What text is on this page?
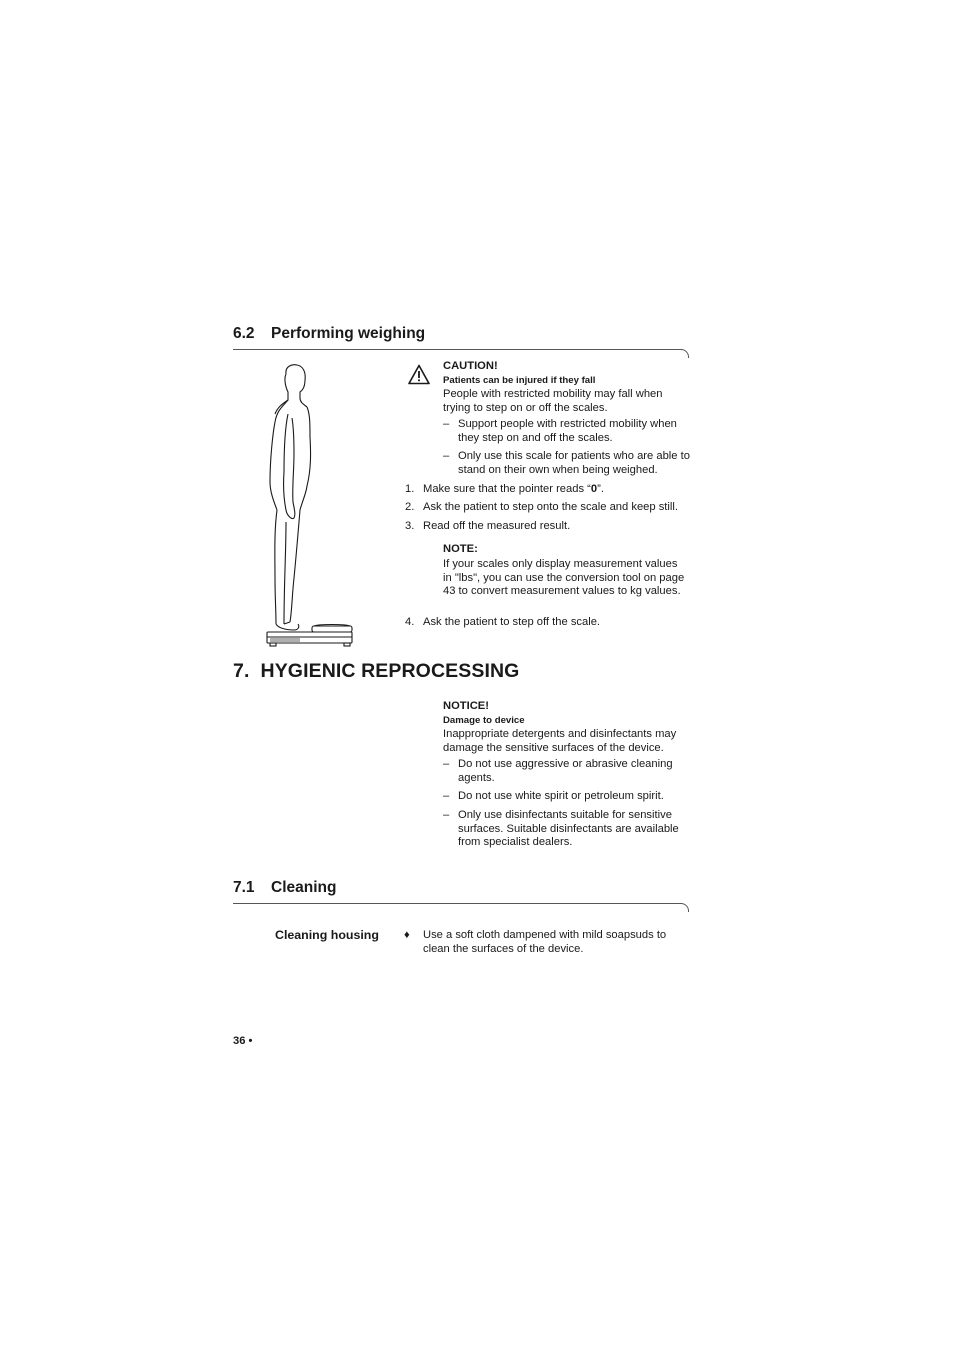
6.2 Performing weighing
CAUTION!
Patients can be injured if they fall
People with restricted mobility may fall when trying to step on or off the scales.
– Support people with restricted mobility when they step on and off the scales.
– Only use this scale for patients who are able to stand on their own when being weighed.
1. Make sure that the pointer reads “0”.
2. Ask the patient to step onto the scale and keep still.
3. Read off the measured result.
NOTE:
If your scales only display measurement values in "lbs", you can use the conversion tool on page 43 to convert measurement values to kg values.
4. Ask the patient to step off the scale.
7. HYGIENIC REPROCESSING
NOTICE!
Damage to device
Inappropriate detergents and disinfectants may damage the sensitive surfaces of the device.
– Do not use aggressive or abrasive cleaning agents.
– Do not use white spirit or petroleum spirit.
– Only use disinfectants suitable for sensitive surfaces. Suitable disinfectants are available from specialist dealers.
7.1 Cleaning
Cleaning housing ♦ Use a soft cloth dampened with mild soapsuds to clean the surfaces of the device.
36 •
